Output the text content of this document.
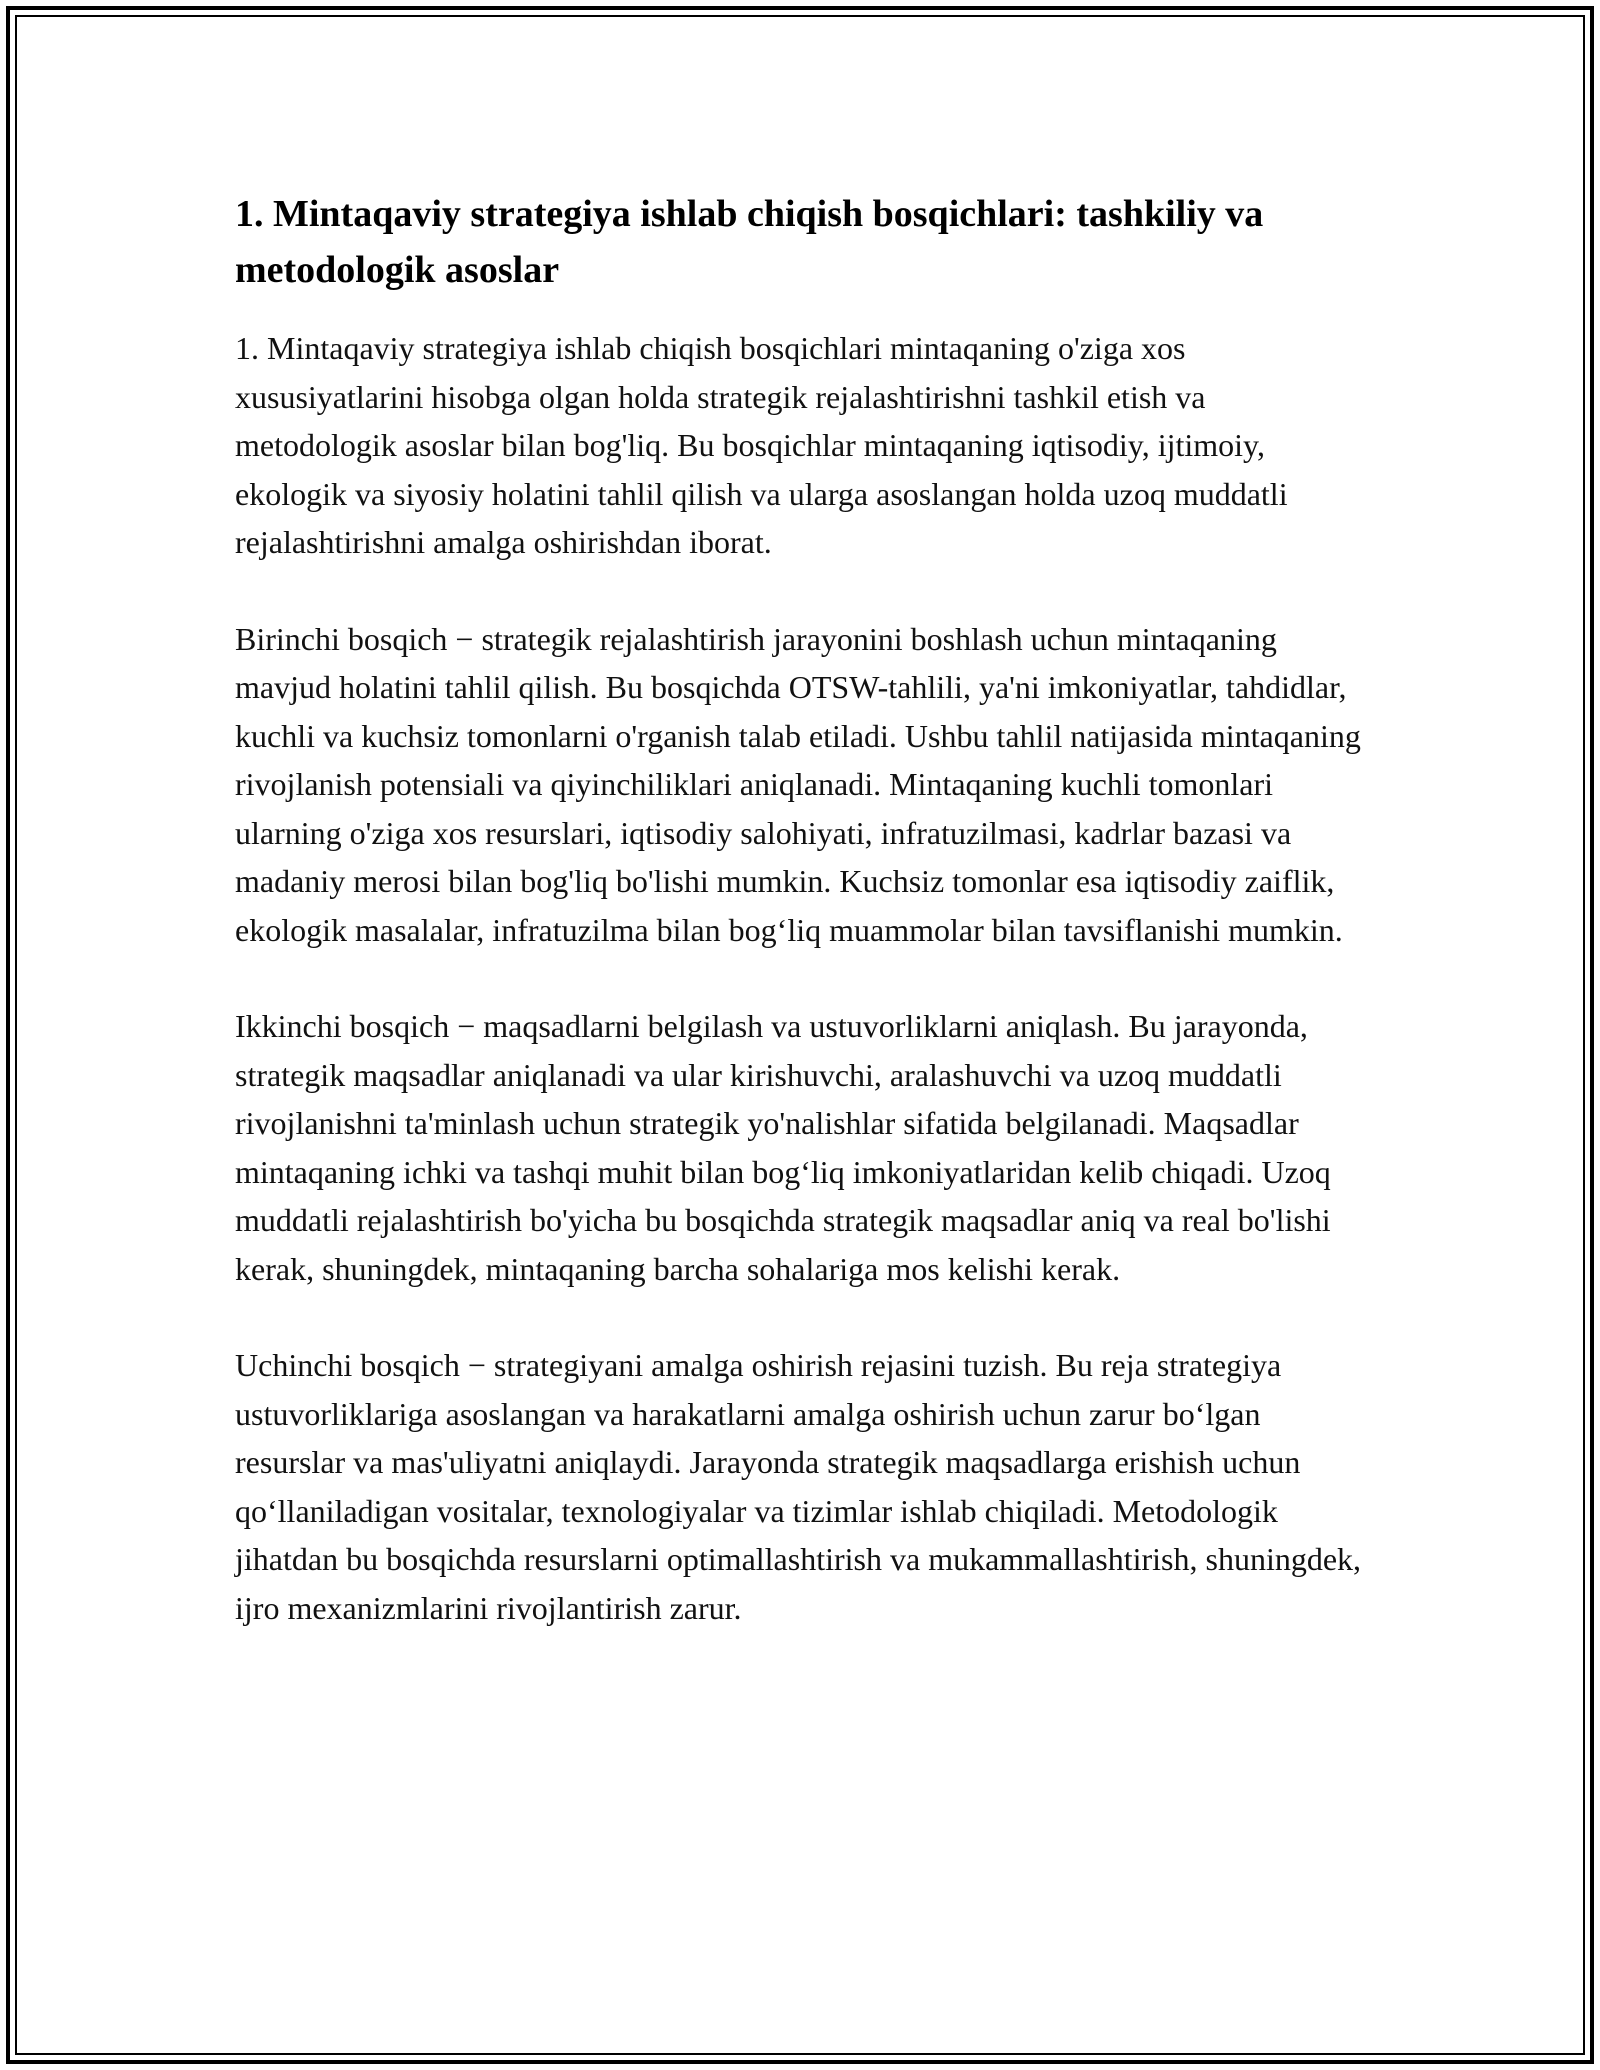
1. Mintaqaviy strategiya ishlab chiqish bosqichlari: tashkiliy va metodologik asoslar

1. Mintaqaviy strategiya ishlab chiqish bosqichlari mintaqaning o'ziga xos xususiyatlarini hisobga olgan holda strategik rejalashtirishni tashkil etish va metodologik asoslar bilan bog'liq. Bu bosqichlar mintaqaning iqtisodiy, ijtimoiy, ekologik va siyosiy holatini tahlil qilish va ularga asoslangan holda uzoq muddatli rejalashtirishni amalga oshirishdan iborat.

Birinchi bosqich − strategik rejalashtirish jarayonini boshlash uchun mintaqaning mavjud holatini tahlil qilish. Bu bosqichda OTSW-tahlili, ya'ni imkoniyatlar, tahdidlar, kuchli va kuchsiz tomonlarni o'rganish talab etiladi. Ushbu tahlil natijasida mintaqaning rivojlanish potensiali va qiyinchiliklari aniqlanadi. Mintaqaning kuchli tomonlari ularning o'ziga xos resurslari, iqtisodiy salohiyati, infratuzilmasi, kadrlar bazasi va madaniy merosi bilan bog'liq bo'lishi mumkin. Kuchsiz tomonlar esa iqtisodiy zaiflik, ekologik masalalar, infratuzilma bilan bog‘liq muammolar bilan tavsiflanishi mumkin.

Ikkinchi bosqich − maqsadlarni belgilash va ustuvorliklarni aniqlash. Bu jarayonda, strategik maqsadlar aniqlanadi va ular kirishuvchi, aralashuvchi va uzoq muddatli rivojlanishni ta'minlash uchun strategik yo'nalishlar sifatida belgilanadi. Maqsadlar mintaqaning ichki va tashqi muhit bilan bog‘liq imkoniyatlaridan kelib chiqadi. Uzoq muddatli rejalashtirish bo'yicha bu bosqichda strategik maqsadlar aniq va real bo'lishi kerak, shuningdek, mintaqaning barcha sohalariga mos kelishi kerak.

Uchinchi bosqich − strategiyani amalga oshirish rejasini tuzish. Bu reja strategiya ustuvorliklariga asoslangan va harakatlarni amalga oshirish uchun zarur bo‘lgan resurslar va mas'uliyatni aniqlaydi. Jarayonda strategik maqsadlarga erishish uchun qo‘llaniladigan vositalar, texnologiyalar va tizimlar ishlab chiqiladi. Metodologik jihatdan bu bosqichda resurslarni optimallashtirish va mukammallashtirish, shuningdek, ijro mexanizmlarini rivojlantirish zarur.
